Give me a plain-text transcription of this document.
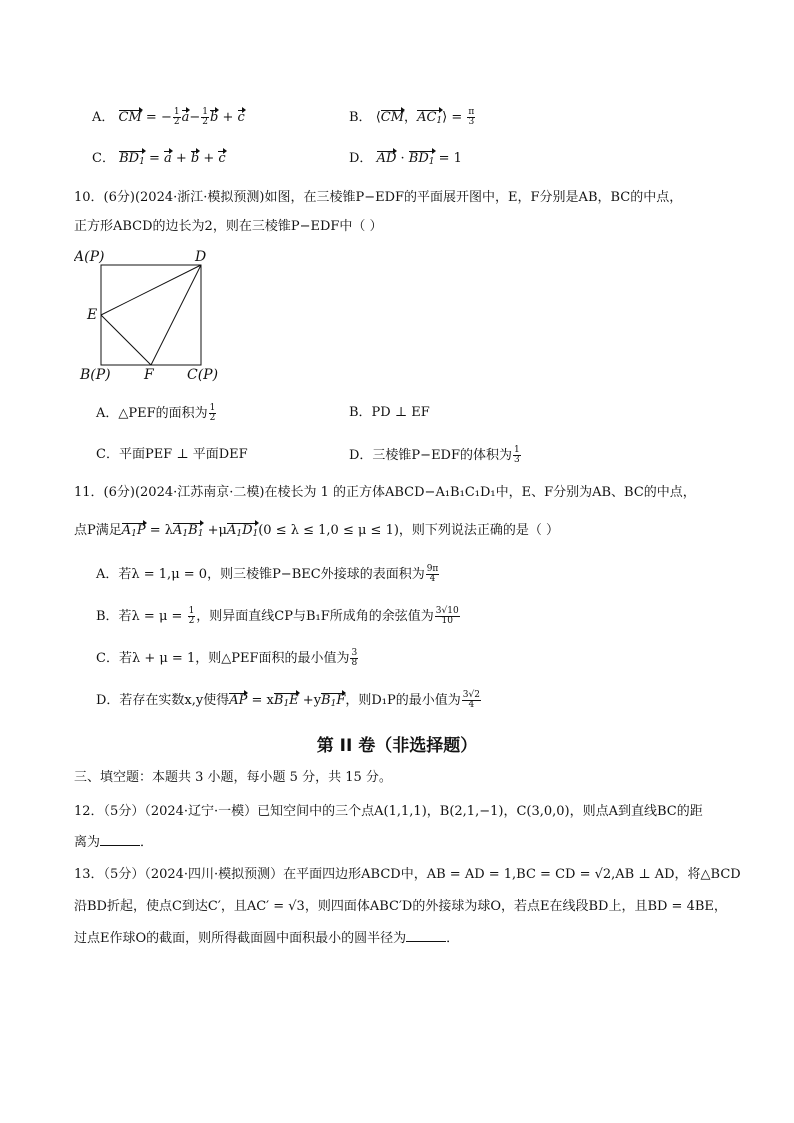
A． CM = − $\frac{1}{2} a- \frac{1}{2}$ b + c	B． ⟨CM，$AC_1⟩ = \frac{\pi}{3}$
C． $BD_1 = a + b + c$	D． AD · $BD_1 = 1$
10．(6分)(2024·浙江·模拟预测)如图，在三棱锥P−EDF的平面展开图中，E，F分别是AB，BC的中点，
正方形ABCD的边长为2，则在三棱锥P−EDF中（ ）
A(P)	D
E
B(P) F C(P)
A．△PEF的面积为 $\frac{1}{2}$	B．PD ⊥ EF
C．平面PEF ⊥ 平面DEF	D．三棱锥P−EDF的体积为 $\frac{1}{3}$
11．(6分)(2024·江苏南京·二模)在棱长为 1 的正方体ABCD−A₁B₁C₁D₁中，E、F分别为AB、BC的中点，
点P满足$A_1P = \lambda A_1B_1 +\mu A_1D_1(0 \le \lambda \le 1,0 \le \mu \le 1)$，则下列说法正确的是（ ）
A．若λ = 1,μ = 0，则三棱锥P−BEC外接球的表面积为 $\frac{9\pi}{4}$
B．若$\lambda = \mu = \frac{1}{2}$ ，则异面直线CP与B₁F所成角的余弦值为 $\frac{3√10}{10}$
C．若λ + μ = 1，则△PEF面积的最小值为 $\frac{3}{8}$
D．若存在实数x,y使得AP = $xB_1E +yB_1F$，则D₁P的最小值为 $\frac{3√2}{4}$
第 II 卷（非选择题）
三、填空题：本题共 3 小题，每小题 5 分，共 15 分。
12．（5分）（2024·辽宁·一模）已知空间中的三个点A(1,1,1)，B(2,1,−1)，C(3,0,0)，则点A到直线BC的距
离为	．
13．（5分）（2024·四川·模拟预测）在平面四边形ABCD中，AB = AD = 1,BC = CD = √2,AB ⊥ AD，将△BCD
沿BD折起，使点C到达C′，且AC′ = √3，则四面体ABC′D的外接球为球O，若点E在线段BD上，且BD = 4BE，
过点E作球O的截面，则所得截面圆中面积最小的圆半径为	．
